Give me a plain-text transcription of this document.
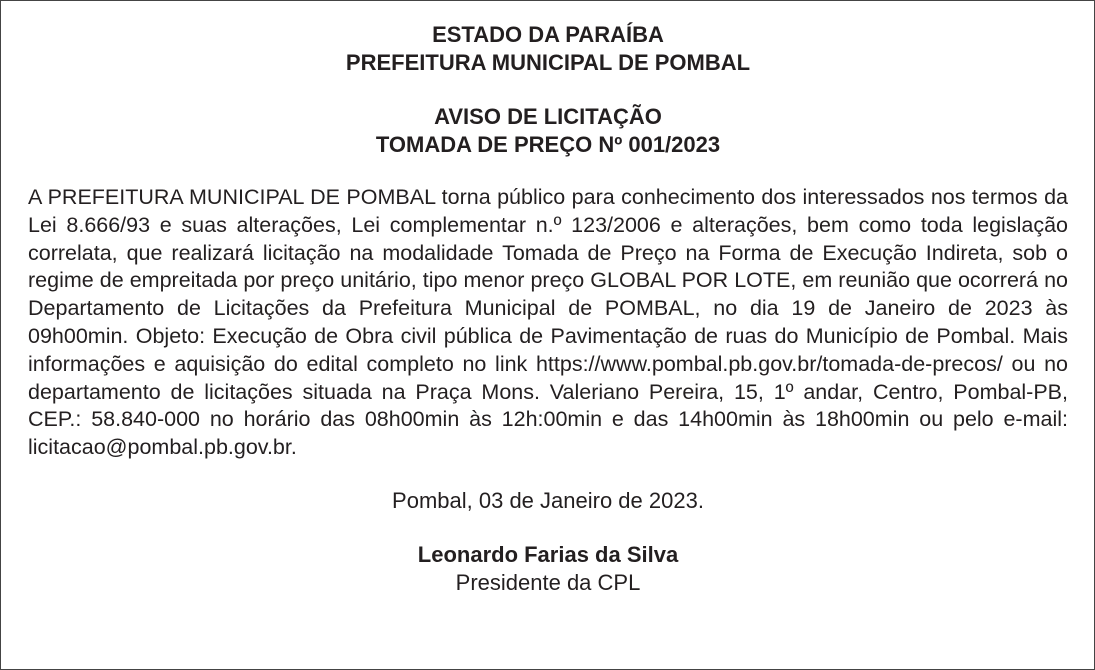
ESTADO DA PARAÍBA

PREFEITURA MUNICIPAL DE POMBAL

AVISO DE LICITAÇÃO

TOMADA DE PREÇO Nº 001/2023

A PREFEITURA MUNICIPAL DE POMBAL torna público para conhecimento dos interessados nos termos da Lei 8.666/93 e suas alterações, Lei complementar n.º 123/2006 e alterações, bem como toda legislação correlata, que realizará licitação na modalidade Tomada de Preço na Forma de Execução Indireta, sob o regime de empreitada por preço unitário, tipo menor preço GLOBAL POR LOTE, em reunião que ocorrerá no Departamento de Licitações da Prefeitura Municipal de POMBAL, no dia 19 de Janeiro de 2023 às 09h00min. Objeto: Execução de Obra civil pública de Pavimentação de ruas do Município de Pombal. Mais informações e aquisição do edital completo no link https://www.pombal.pb.gov.br/tomada-de-precos/ ou no departamento de licitações situada na Praça Mons. Valeriano Pereira, 15, 1º andar, Centro, Pombal-PB, CEP.: 58.840-000 no horário das 08h00min às 12h:00min e das 14h00min às 18h00min ou pelo e-mail: licitacao@pombal.pb.gov.br.

Pombal, 03 de Janeiro de 2023.

Leonardo Farias da Silva

Presidente da CPL
